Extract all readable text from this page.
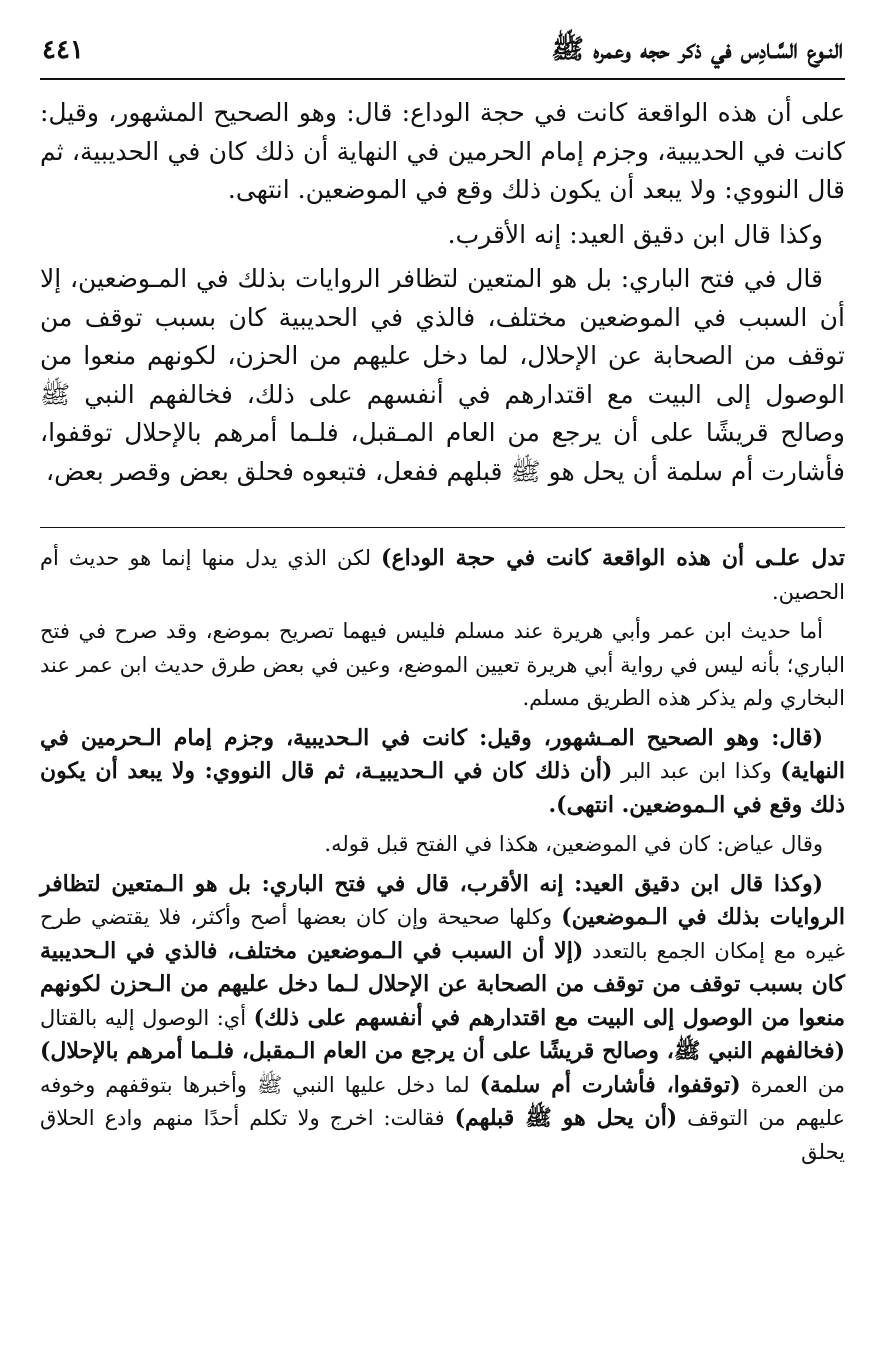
النـوع السَّـادِس في ذكر حجه وعمره ﷺ
٤٤١

على أن هذه الواقعة كانت في حجة الوداع: قال: وهو الصحيح المشهور، وقيل: كانت في الحديبية، وجزم إمام الحرمين في النهاية أن ذلك كان في الحديبية، ثم قال النووي: ولا يبعد أن يكون ذلك وقع في الموضعين. انتهى.

وكذا قال ابن دقيق العيد: إنه الأقرب.

قال في فتح الباري: بل هو المتعين لتظافر الروايات بذلك في المـوضعين، إلا أن السبب في الموضعين مختلف، فالذي في الحديبية كان بسبب توقف من توقف من الصحابة عن الإحلال، لما دخل عليهم من الحزن، لكونهم منعوا من الوصول إلى البيت مع اقتدارهم في أنفسهم على ذلك، فخالفهم النبي ﷺ وصالح قريشًا على أن يرجع من العام المـقبل، فلـما أمرهم بالإحلال توقفوا، فأشارت أم سلمة أن يحل هو ﷺ قبلهم ففعل، فتبعوه فحلق بعض وقصر بعض،

تدل علـى أن هذه الواقعة كانت في حجة الوداع) لكن الذي يدل منها إنما هو حديث أم الحصين.

أما حديث ابن عمر وأبي هريرة عند مسلم فليس فيهما تصريح بموضع، وقد صرح في فتح الباري؛ بأنه ليس في رواية أبي هريرة تعيين الموضع، وعين في بعض طرق حديث ابن عمر عند البخاري ولم يذكر هذه الطريق مسلم.

(قال: وهو الصحيح المـشهور، وقيل: كانت في الـحديبية، وجزم إمام الـحرمين في النهاية) وكذا ابن عبد البر (أن ذلك كان في الـحديبيـة، ثم قال النووي: ولا يبعد أن يكون ذلك وقع في الـموضعين. انتهى).

وقال عياض: كان في الموضعين، هكذا في الفتح قبل قوله.

(وكذا قال ابن دقيق العيد: إنه الأقرب، قال في فتح الباري: بل هو الـمتعين لتظافر الروايات بذلك في الـموضعين) وكلها صحيحة وإن كان بعضها أصح وأكثر، فلا يقتضي طرح غيره مع إمكان الجمع بالتعدد (إلا أن السبب في الـموضعين مختلف، فالذي في الـحديبية كان بسبب توقف من توقف من الصحابة عن الإحلال لـما دخل عليهم من الـحزن لكونهم منعوا من الوصول إلى البيت مع اقتدارهم في أنفسهم على ذلك) أي: الوصول إليه بالقتال (فخالفهم النبي ﷺ، وصالح قريشًا على أن يرجع من العام الـمقبل، فلـما أمرهم بالإحلال) من العمرة (توقفوا، فأشارت أم سلمة) لما دخل عليها النبي ﷺ وأخبرها بتوقفهم وخوفه عليهم من التوقف (أن يحل هو ﷺ قبلهم) فقالت: اخرج ولا تكلم أحدًا منهم وادع الحلاق يحلق
